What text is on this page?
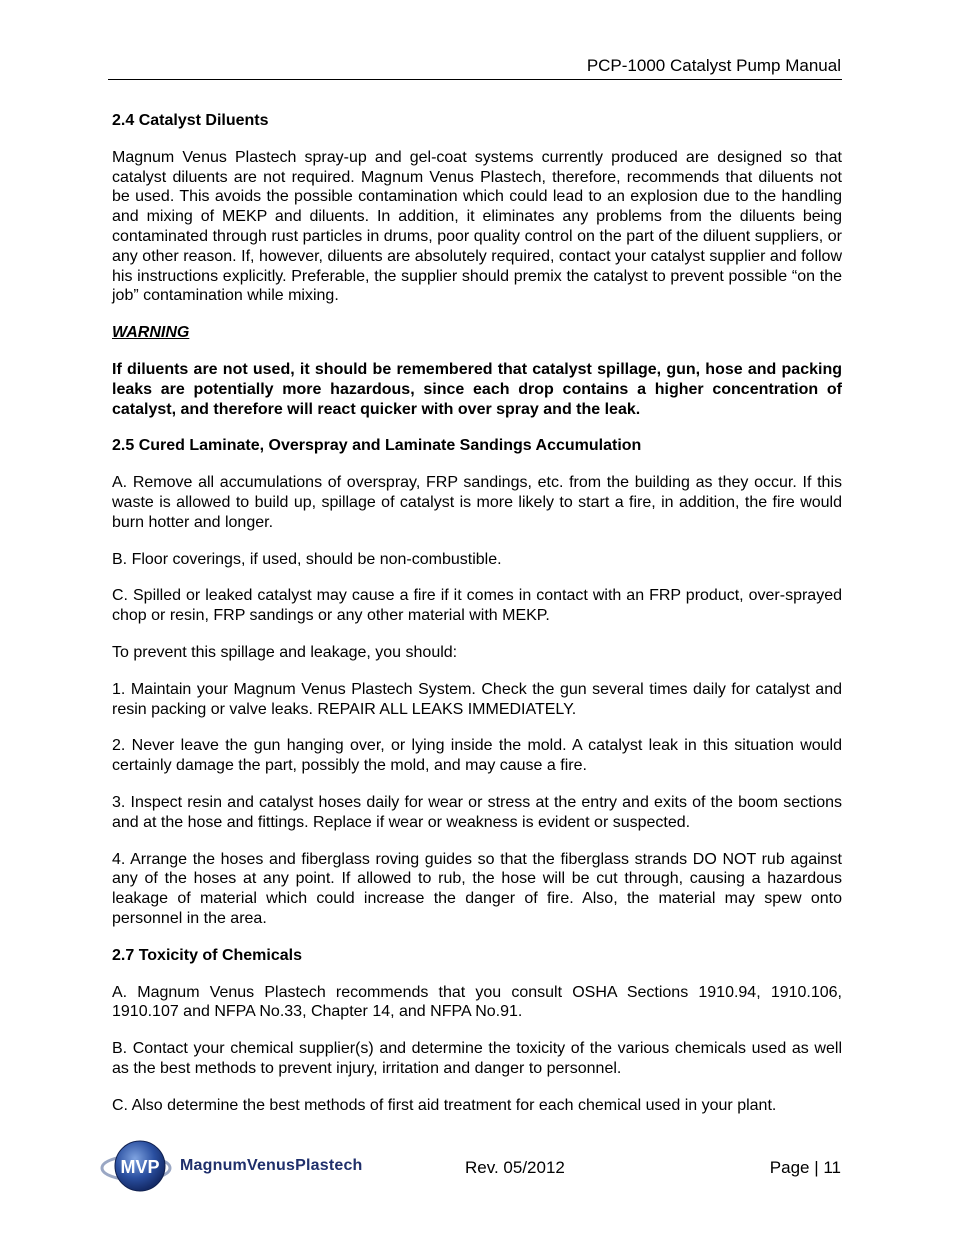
PCP-1000 Catalyst Pump Manual
2.4 Catalyst Diluents

Magnum Venus Plastech spray-up and gel-coat systems currently produced are designed so that catalyst diluents are not required. Magnum Venus Plastech, therefore, recommends that diluents not be used. This avoids the possible contamination which could lead to an explosion due to the handling and mixing of MEKP and diluents. In addition, it eliminates any problems from the diluents being contaminated through rust particles in drums, poor quality control on the part of the diluent suppliers, or any other reason. If, however, diluents are absolutely required, contact your catalyst supplier and follow his instructions explicitly. Preferable, the supplier should premix the catalyst to prevent possible “on the job” contamination while mixing.

WARNING

If diluents are not used, it should be remembered that catalyst spillage, gun, hose and packing leaks are potentially more hazardous, since each drop contains a higher concentration of catalyst, and therefore will react quicker with over spray and the leak.

2.5 Cured Laminate, Overspray and Laminate Sandings Accumulation

A. Remove all accumulations of overspray, FRP sandings, etc. from the building as they occur. If this waste is allowed to build up, spillage of catalyst is more likely to start a fire, in addition, the fire would burn hotter and longer.

B. Floor coverings, if used, should be non-combustible.

C. Spilled or leaked catalyst may cause a fire if it comes in contact with an FRP product, over-sprayed chop or resin, FRP sandings or any other material with MEKP.

To prevent this spillage and leakage, you should:

1. Maintain your Magnum Venus Plastech System. Check the gun several times daily for catalyst and resin packing or valve leaks. REPAIR ALL LEAKS IMMEDIATELY.

2. Never leave the gun hanging over, or lying inside the mold. A catalyst leak in this situation would certainly damage the part, possibly the mold, and may cause a fire.

3. Inspect resin and catalyst hoses daily for wear or stress at the entry and exits of the boom sections and at the hose and fittings. Replace if wear or weakness is evident or suspected.

4. Arrange the hoses and fiberglass roving guides so that the fiberglass strands DO NOT rub against any of the hoses at any point. If allowed to rub, the hose will be cut through, causing a hazardous leakage of material which could increase the danger of fire. Also, the material may spew onto personnel in the area.

2.7 Toxicity of Chemicals

A. Magnum Venus Plastech recommends that you consult OSHA Sections 1910.94, 1910.106, 1910.107 and NFPA No.33, Chapter 14, and NFPA No.91.

B. Contact your chemical supplier(s) and determine the toxicity of the various chemicals used as well as the best methods to prevent injury, irritation and danger to personnel.

C. Also determine the best methods of first aid treatment for each chemical used in your plant.

MVP MagnumVenusPlastech	Rev. 05/2012	Page | 11
